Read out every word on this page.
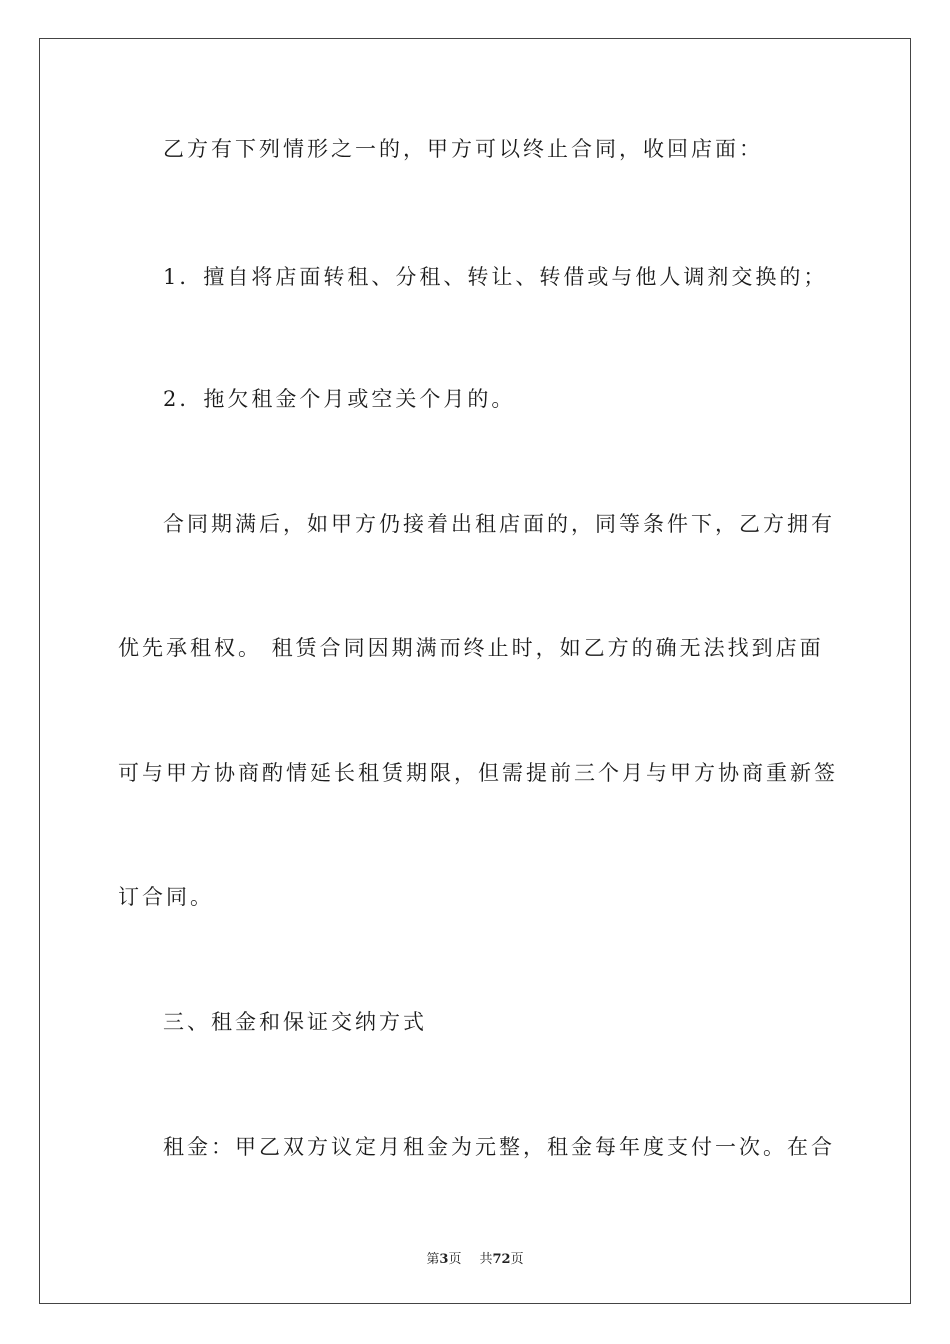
乙方有下列情形之一的，甲方可以终止合同，收回店面：
1．擅自将店面转租、分租、转让、转借或与他人调剂交换的；
2．拖欠租金个月或空关个月的。
合同期满后，如甲方仍接着出租店面的，同等条件下，乙方拥有
优先承租权。 租赁合同因期满而终止时，如乙方的确无法找到店面
可与甲方协商酌情延长租赁期限，但需提前三个月与甲方协商重新签
订合同。
三、租金和保证交纳方式
租金：甲乙双方议定月租金为元整，租金每年度支付一次。在合
第3页 共72页
